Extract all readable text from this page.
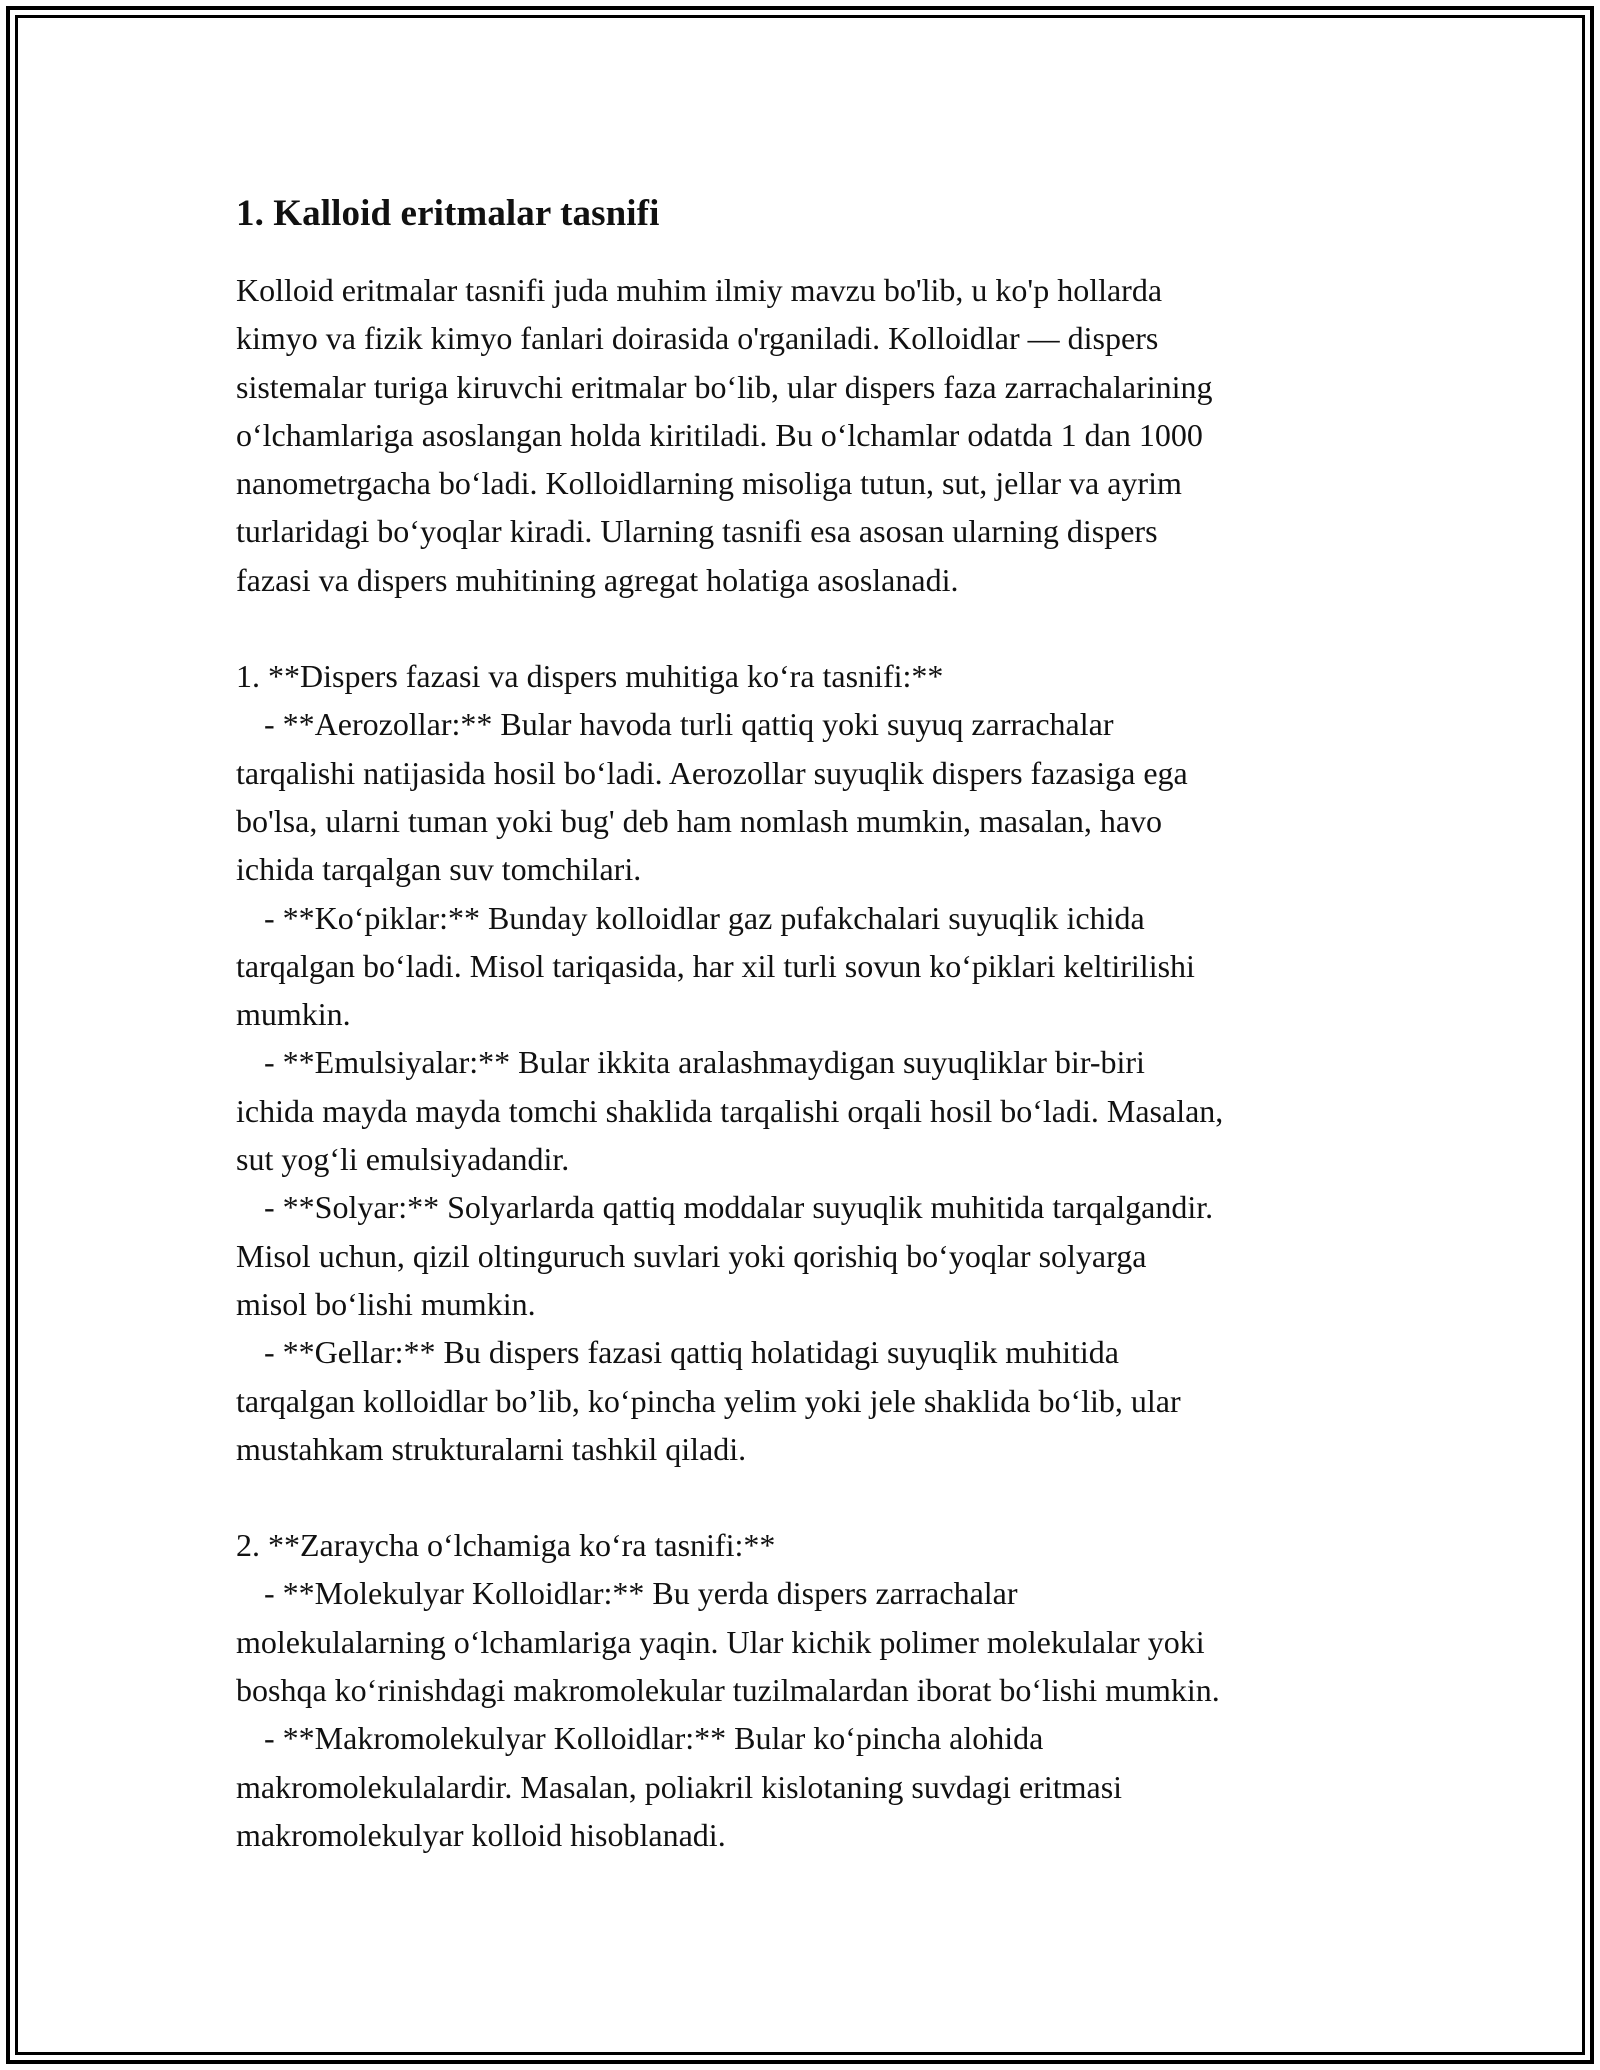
1. Kalloid eritmalar tasnifi

Kolloid eritmalar tasnifi juda muhim ilmiy mavzu bo'lib, u ko'p hollarda
kimyo va fizik kimyo fanlari doirasida o'rganiladi. Kolloidlar — dispers
sistemalar turiga kiruvchi eritmalar bo‘lib, ular dispers faza zarrachalarining
o‘lchamlariga asoslangan holda kiritiladi. Bu o‘lchamlar odatda 1 dan 1000
nanometrgacha bo‘ladi. Kolloidlarning misoliga tutun, sut, jellar va ayrim
turlaridagi bo‘yoqlar kiradi. Ularning tasnifi esa asosan ularning dispers
fazasi va dispers muhitining agregat holatiga asoslanadi.

1. **Dispers fazasi va dispers muhitiga ko‘ra tasnifi:**
- **Aerozollar:** Bular havoda turli qattiq yoki suyuq zarrachalar
tarqalishi natijasida hosil bo‘ladi. Aerozollar suyuqlik dispers fazasiga ega
bo'lsa, ularni tuman yoki bug' deb ham nomlash mumkin, masalan, havo
ichida tarqalgan suv tomchilari.
- **Ko‘piklar:** Bunday kolloidlar gaz pufakchalari suyuqlik ichida
tarqalgan bo‘ladi. Misol tariqasida, har xil turli sovun ko‘piklari keltirilishi
mumkin.
- **Emulsiyalar:** Bular ikkita aralashmaydigan suyuqliklar bir-biri
ichida mayda mayda tomchi shaklida tarqalishi orqali hosil bo‘ladi. Masalan,
sut yog‘li emulsiyadandir.
- **Solyar:** Solyarlarda qattiq moddalar suyuqlik muhitida tarqalgandir.
Misol uchun, qizil oltinguruch suvlari yoki qorishiq bo‘yoqlar solyarga
misol bo‘lishi mumkin.
- **Gellar:** Bu dispers fazasi qattiq holatidagi suyuqlik muhitida
tarqalgan kolloidlar bo’lib, ko‘pincha yelim yoki jele shaklida bo‘lib, ular
mustahkam strukturalarni tashkil qiladi.
2. **Zaraycha o‘lchamiga ko‘ra tasnifi:**
- **Molekulyar Kolloidlar:** Bu yerda dispers zarrachalar
molekulalarning o‘lchamlariga yaqin. Ular kichik polimer molekulalar yoki
boshqa ko‘rinishdagi makromolekular tuzilmalardan iborat bo‘lishi mumkin.
- **Makromolekulyar Kolloidlar:** Bular ko‘pincha alohida
makromolekulalardir. Masalan, poliakril kislotaning suvdagi eritmasi
makromolekulyar kolloid hisoblanadi.
